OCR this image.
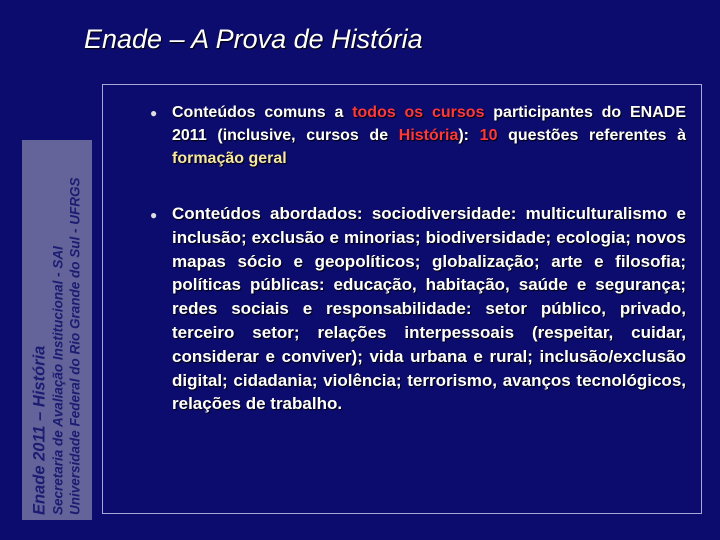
Enade 2011 – História Secretaria de Avaliação Institucional - SAI Universidade Federal do Rio Grande do Sul - UFRGS
Enade – A Prova de História
● Conteúdos comuns a todos os cursos participantes do ENADE 2011 (inclusive, cursos de História): 10 questões referentes à formação geral

● Conteúdos abordados: sociodiversidade: multiculturalismo e inclusão; exclusão e minorias; biodiversidade; ecologia; novos mapas sócio e geopolíticos; globalização; arte e filosofia; políticas públicas: educação, habitação, saúde e segurança; redes sociais e responsabilidade: setor público, privado, terceiro setor; relações interpessoais (respeitar, cuidar, considerar e conviver); vida urbana e rural; inclusão/exclusão digital; cidadania; violência; terrorismo, avanços tecnológicos, relações de trabalho.
